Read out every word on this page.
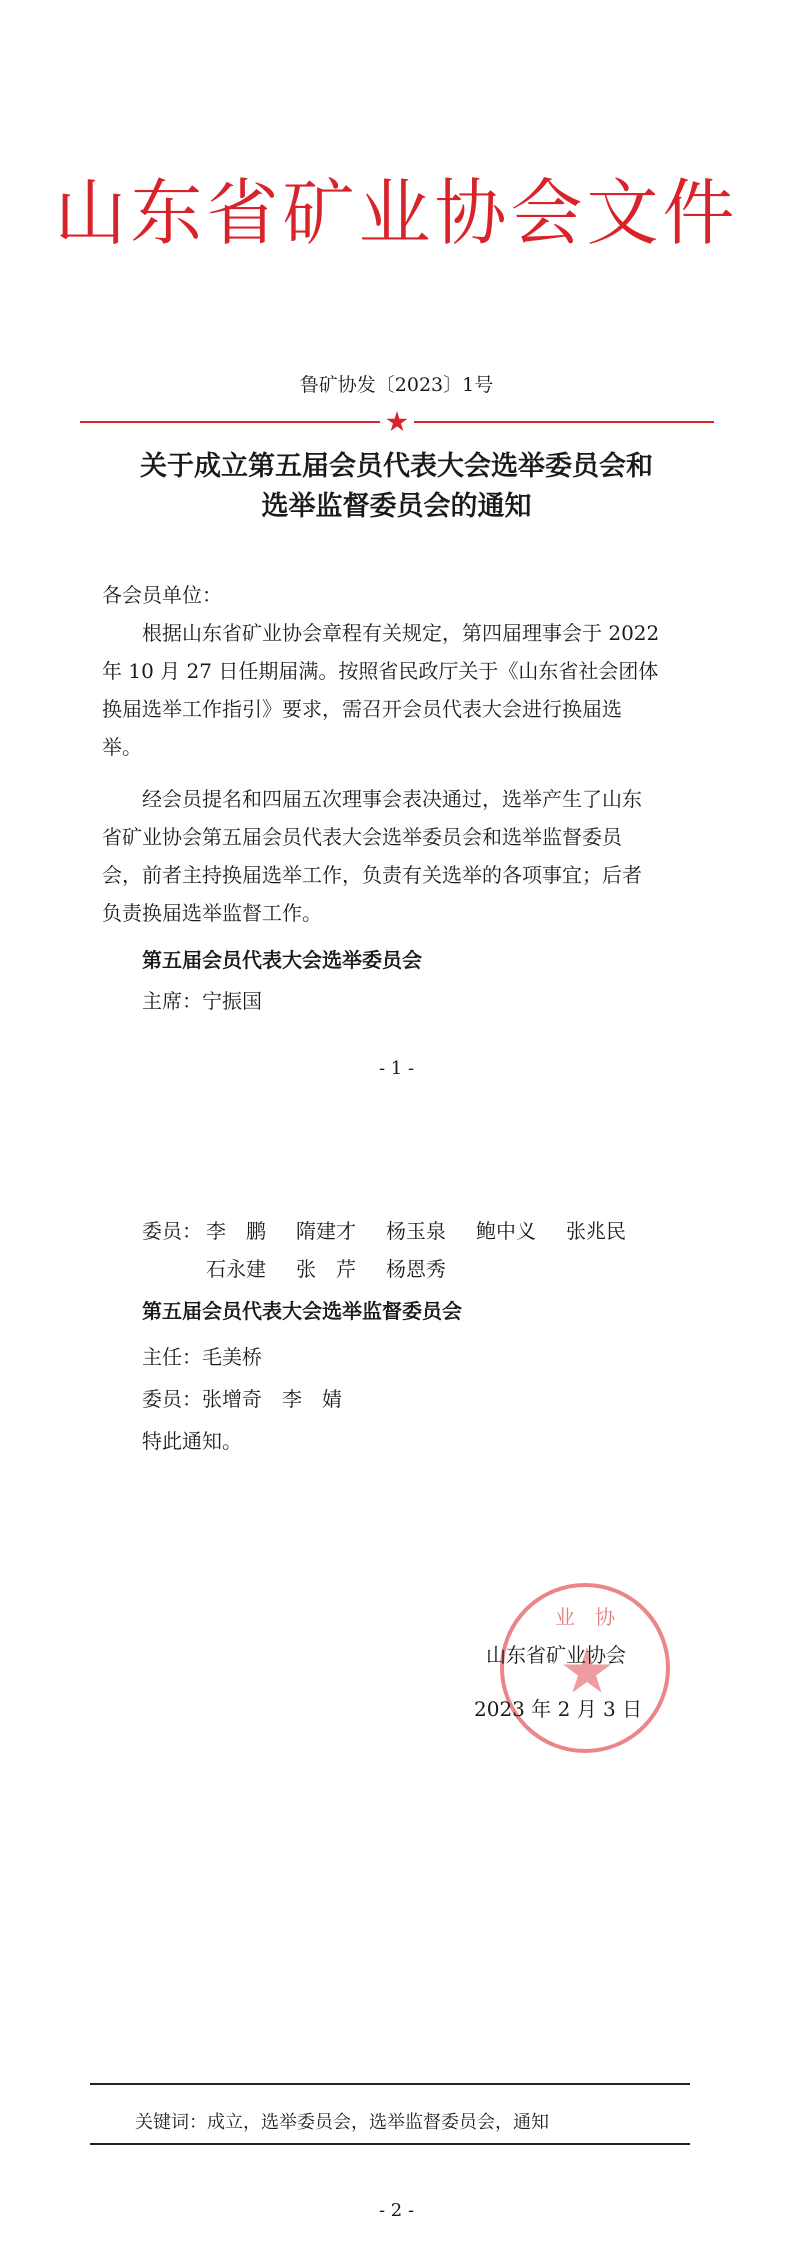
山东省矿业协会文件
鲁矿协发〔2023〕1号
关于成立第五届会员代表大会选举委员会和
选举监督委员会的通知
各会员单位：
根据山东省矿业协会章程有关规定，第四届理事会于 2022
年 10 月 27 日任期届满。按照省民政厅关于《山东省社会团体
换届选举工作指引》要求，需召开会员代表大会进行换届选
举。
经会员提名和四届五次理事会表决通过，选举产生了山东
省矿业协会第五届会员代表大会选举委员会和选举监督委员
会，前者主持换届选举工作，负责有关选举的各项事宜；后者
负责换届选举监督工作。
第五届会员代表大会选举委员会
主席：宁振国
- 1 -
委员： 李　鹏	隋建才	杨玉泉	鲍中义	张兆民
石永建	张　芹	杨恩秀
第五届会员代表大会选举监督委员会
主任：毛美桥
委员：张增奇　李　婧
特此通知。
业　协
山东省矿业协会
2023 年 2 月 3 日
关键词：成立，选举委员会，选举监督委员会，通知
- 2 -
